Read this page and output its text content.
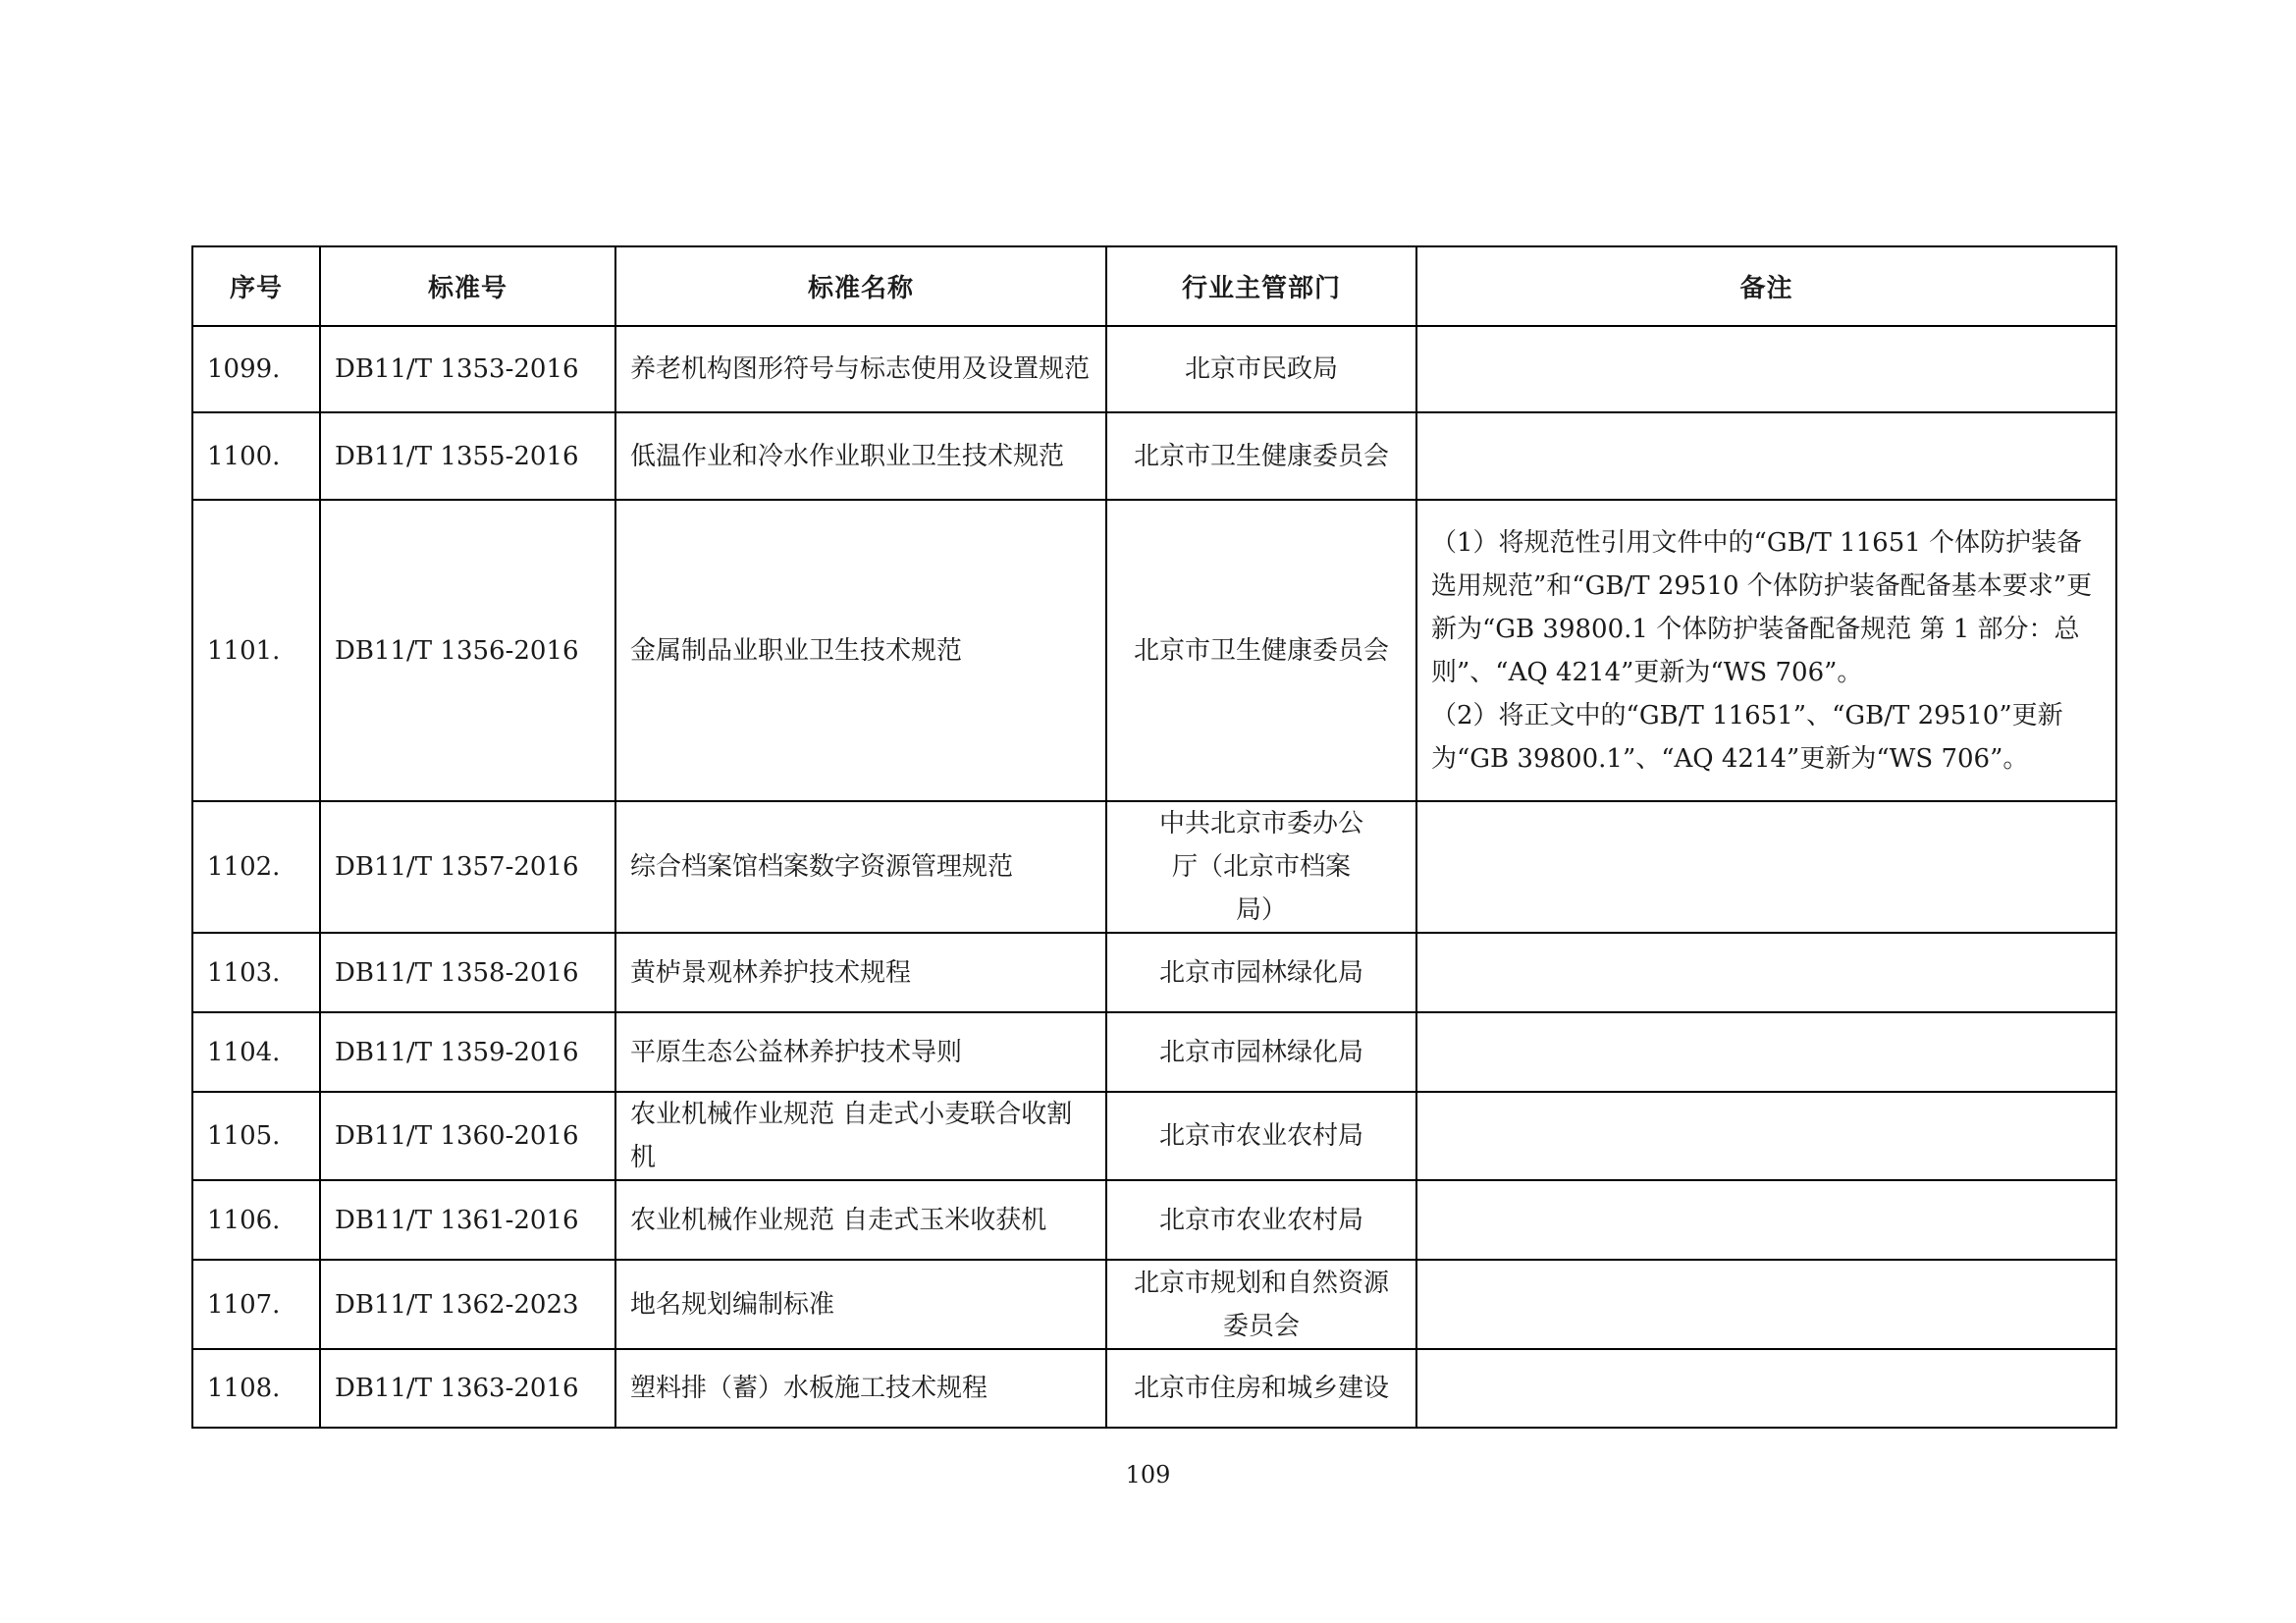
序号	标准号	标准名称	行业主管部门	备注
1099.	DB11/T 1353-2016	养老机构图形符号与标志使用及设置规范	北京市民政局	
1100.	DB11/T 1355-2016	低温作业和冷水作业职业卫生技术规范	北京市卫生健康委员会	
1101.	DB11/T 1356-2016	金属制品业职业卫生技术规范	北京市卫生健康委员会	（1）将规范性引用文件中的“GB/T 11651 个体防护装备选用规范”和“GB/T 29510 个体防护装备配备基本要求”更新为“GB 39800.1 个体防护装备配备规范 第 1 部分：总则”、“AQ 4214”更新为“WS 706”。
（2）将正文中的“GB/T 11651”、“GB/T 29510”更新为“GB 39800.1”、“AQ 4214”更新为“WS 706”。

1102.	DB11/T 1357-2016	综合档案馆档案数字资源管理规范	中共北京市委办公厅（北京市档案局）	
1103.	DB11/T 1358-2016	黄栌景观林养护技术规程	北京市园林绿化局	
1104.	DB11/T 1359-2016	平原生态公益林养护技术导则	北京市园林绿化局	
1105.	DB11/T 1360-2016	农业机械作业规范 自走式小麦联合收割机	北京市农业农村局	
1106.	DB11/T 1361-2016	农业机械作业规范 自走式玉米收获机	北京市农业农村局	
1107.	DB11/T 1362-2023	地名规划编制标准	北京市规划和自然资源委员会	
1108.	DB11/T 1363-2016	塑料排（蓄）水板施工技术规程	北京市住房和城乡建设	
109
